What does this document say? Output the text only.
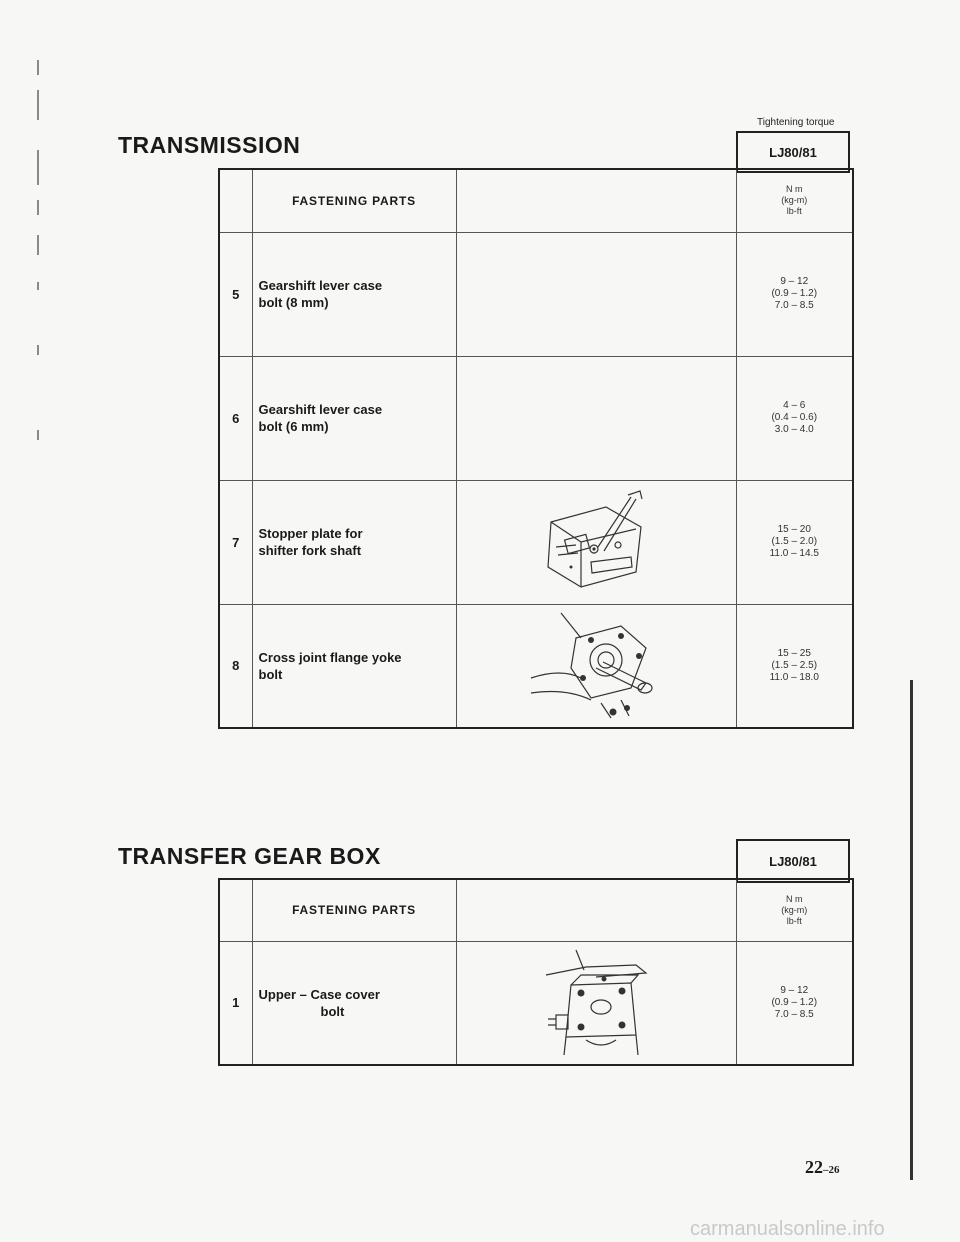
Tightening torque
TRANSMISSION	LJ80/81
	FASTENING PARTS		N m
(kg-m)
lb-ft

5	Gearshift lever case
bolt (8 mm)		9 – 12
(0.9 – 1.2)
7.0 – 8.5

6	Gearshift lever case
bolt (6 mm)		4 – 6
(0.4 – 0.6)
3.0 – 4.0

7	Stopper plate for
shifter fork shaft		15 – 20
(1.5 – 2.0)
11.0 – 14.5

8	Cross joint flange yoke
bolt		15 – 25
(1.5 – 2.5)
11.0 – 18.0
TRANSFER GEAR BOX	LJ80/81
	FASTENING PARTS		N m
(kg-m)
lb-ft

1	Upper – Case cover
bolt		9 – 12
(0.9 – 1.2)
7.0 – 8.5
22–26
carmanualsonline.info
